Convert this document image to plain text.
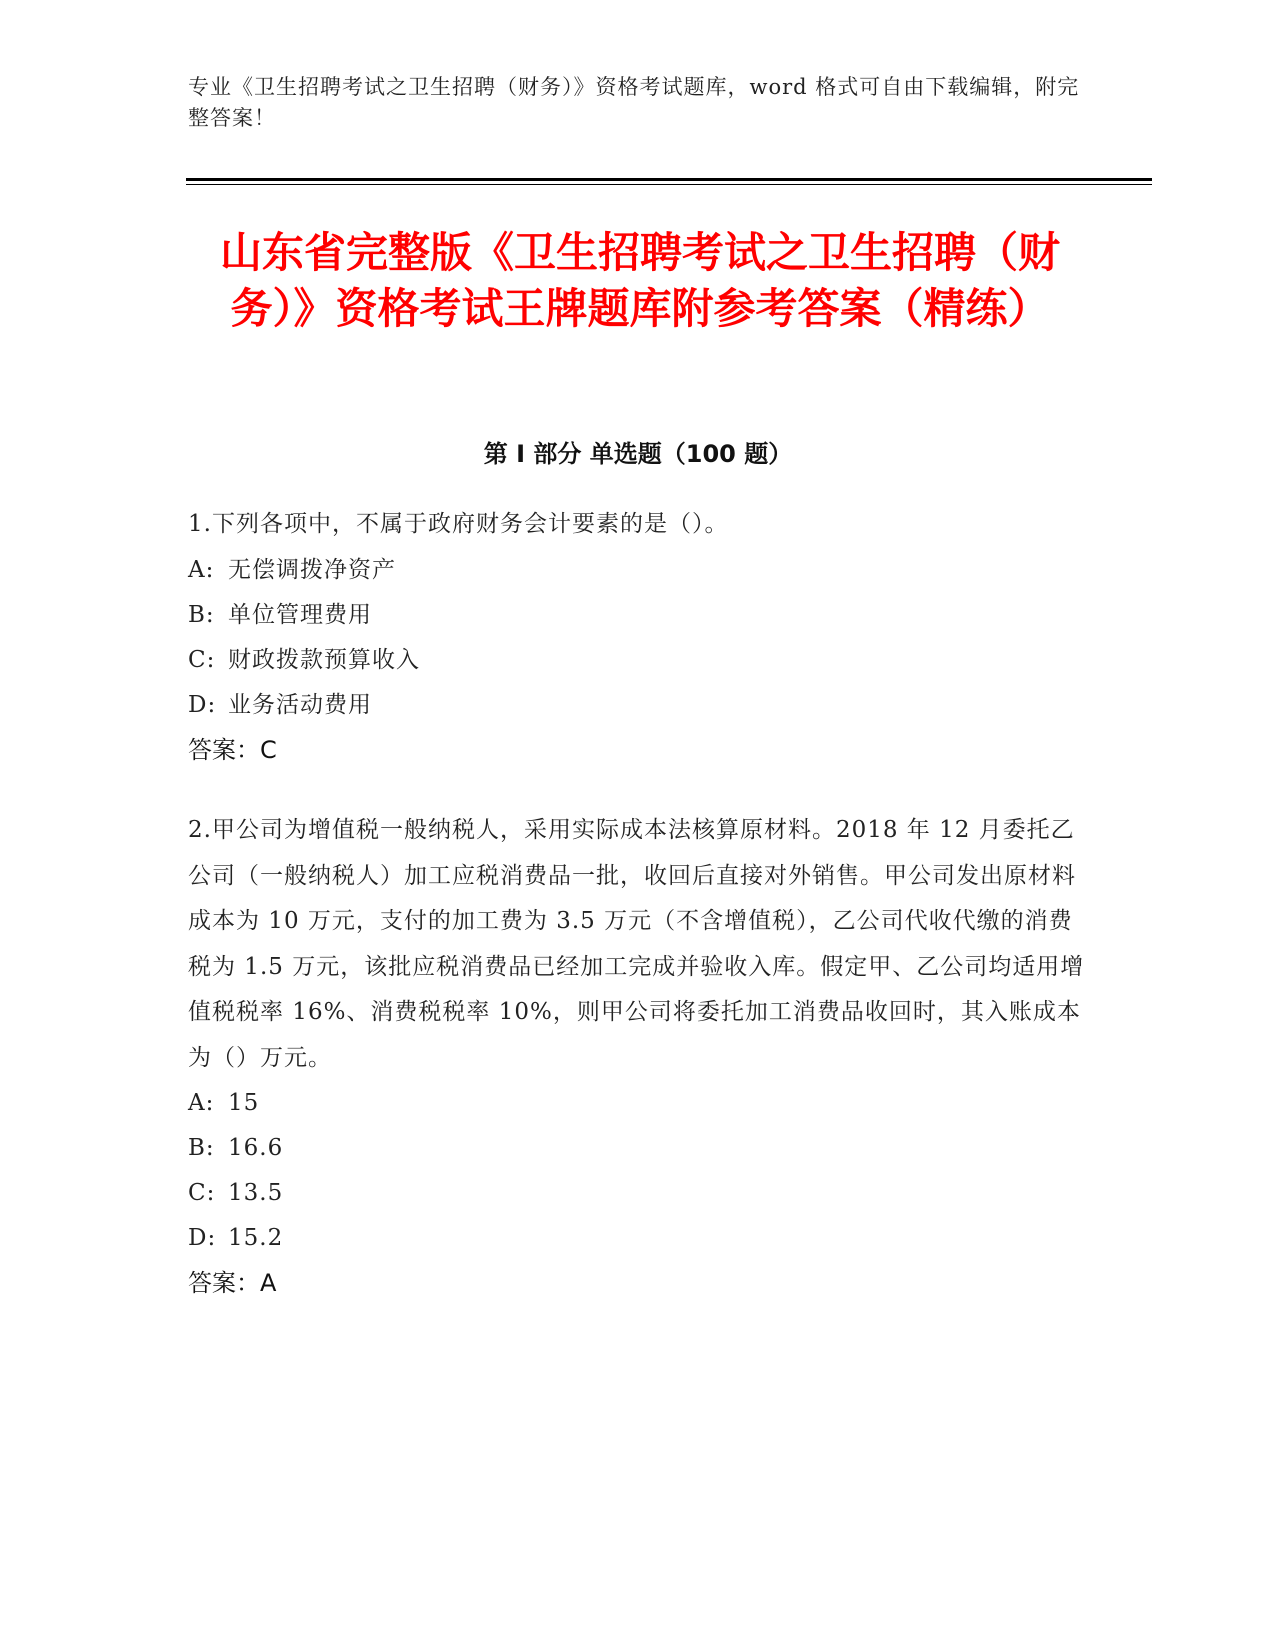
专业《卫生招聘考试之卫生招聘（财务）》资格考试题库，word 格式可自由下载编辑，附完整答案！
山东省完整版《卫生招聘考试之卫生招聘（财务）》资格考试王牌题库附参考答案（精练）
第 I 部分 单选题（100 题）
1.下列各项中，不属于政府财务会计要素的是（）。
A: 无偿调拨净资产
B: 单位管理费用
C: 财政拨款预算收入
D: 业务活动费用
答案：C
2.甲公司为增值税一般纳税人，采用实际成本法核算原材料。2018 年 12 月委托乙公司（一般纳税人）加工应税消费品一批，收回后直接对外销售。甲公司发出原材料成本为 10 万元，支付的加工费为 3.5 万元（不含增值税），乙公司代收代缴的消费税为 1.5 万元，该批应税消费品已经加工完成并验收入库。假定甲、乙公司均适用增值税税率 16%、消费税税率 10%，则甲公司将委托加工消费品收回时，其入账成本为（）万元。
A: 15
B: 16.6
C: 13.5
D: 15.2
答案：A
